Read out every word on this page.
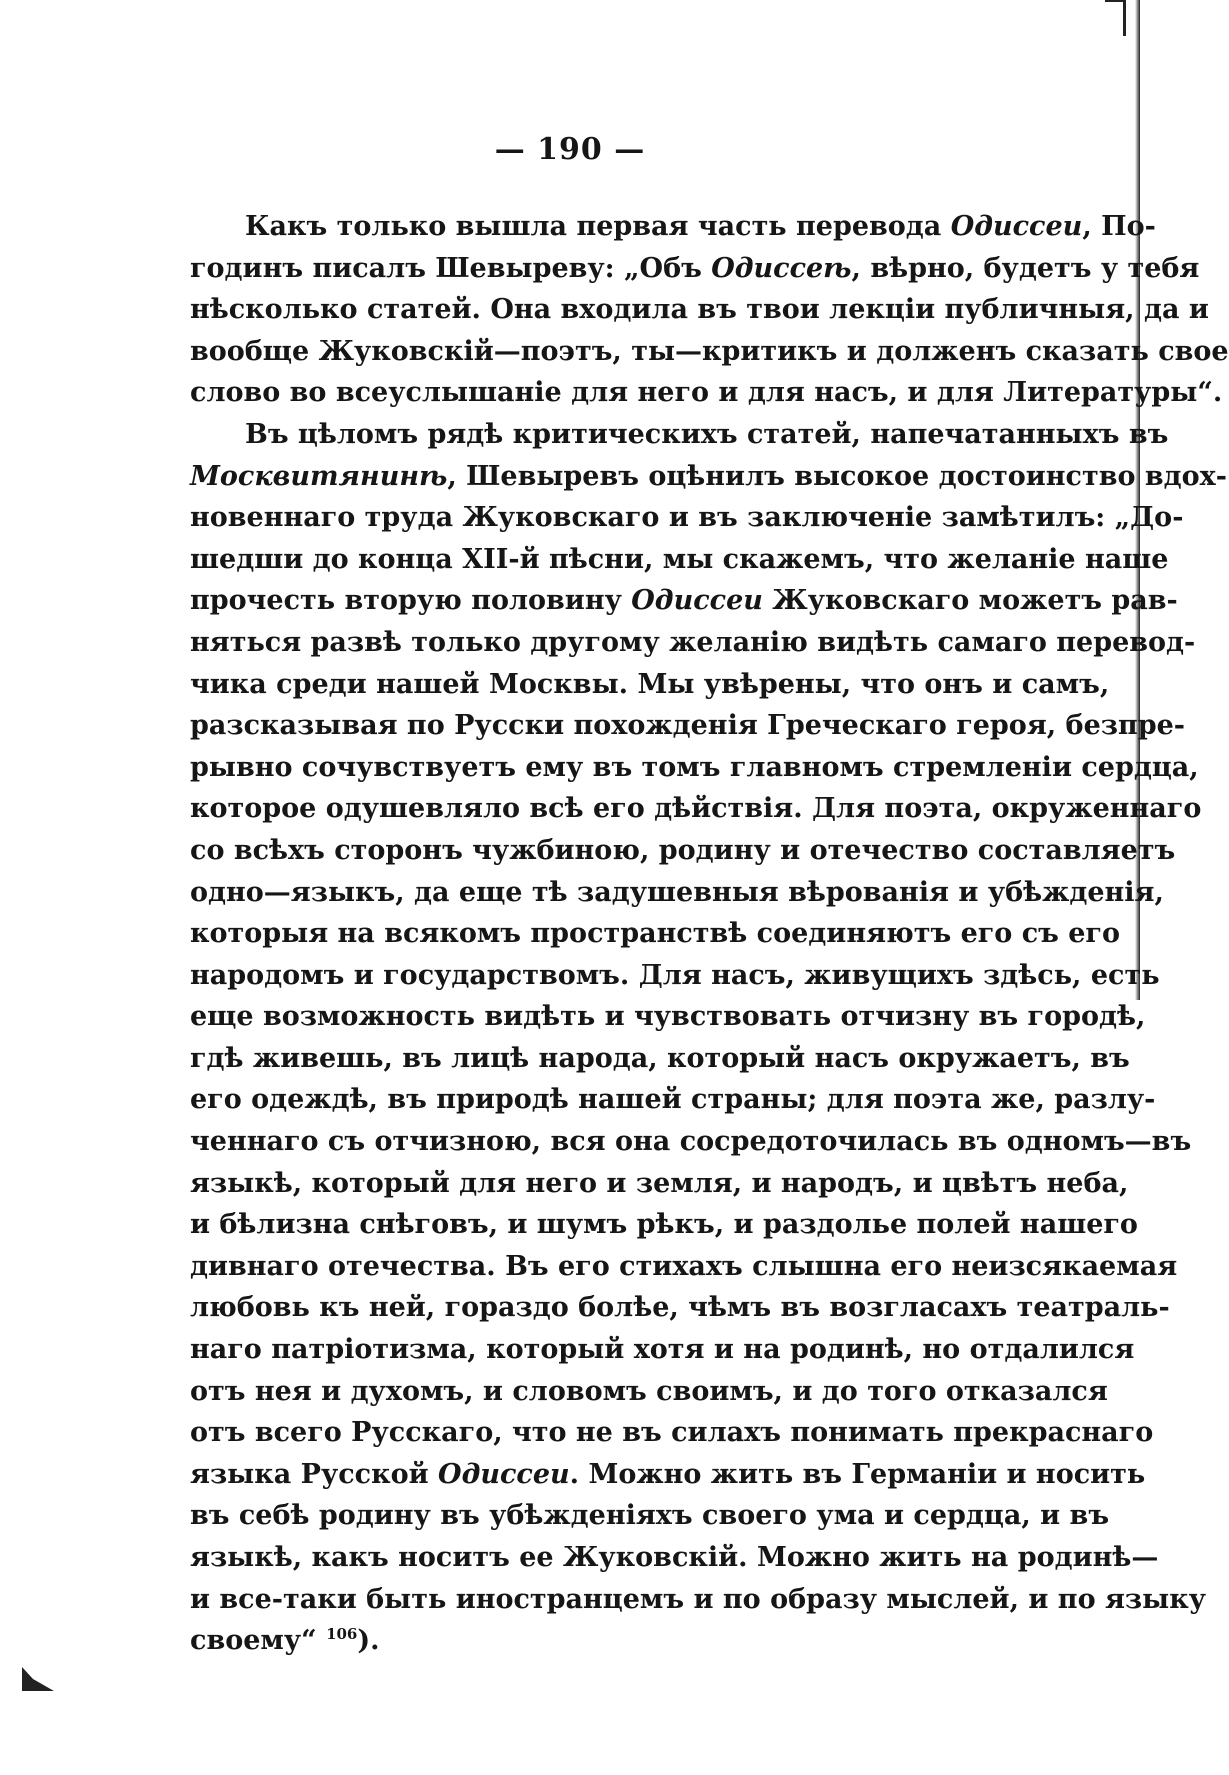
— 190 —
Какъ только вышла первая часть перевода Одиссеи, По-
годинъ писалъ Шевыреву: „Объ Одиссеѣ, вѣрно, будетъ у тебя
нѣсколько статей. Она входила въ твои лекціи публичныя, да и
вообще Жуковскій—поэтъ, ты—критикъ и долженъ сказать свое
слово во всеуслышаніе для него и для насъ, и для Литературы“.
Въ цѣломъ рядѣ критическихъ статей, напечатанныхъ въ
Москвитянинѣ, Шевыревъ оцѣнилъ высокое достоинство вдох-
новеннаго труда Жуковскаго и въ заключеніе замѣтилъ: „До-
шедши до конца XII-й пѣсни, мы скажемъ, что желаніе наше
прочесть вторую половину Одиссеи Жуковскаго можетъ рав-
няться развѣ только другому желанію видѣть самаго перевод-
чика среди нашей Москвы. Мы увѣрены, что онъ и самъ,
разсказывая по Русски похожденія Греческаго героя, безпре-
рывно сочувствуетъ ему въ томъ главномъ стремленіи сердца,
которое одушевляло всѣ его дѣйствія. Для поэта, окруженнаго
со всѣхъ сторонъ чужбиною, родину и отечество составляетъ
одно—языкъ, да еще тѣ задушевныя вѣрованія и убѣжденія,
которыя на всякомъ пространствѣ соединяютъ его съ его
народомъ и государствомъ. Для насъ, живущихъ здѣсь, есть
еще возможность видѣть и чувствовать отчизну въ городѣ,
гдѣ живешь, въ лицѣ народа, который насъ окружаетъ, въ
его одеждѣ, въ природѣ нашей страны; для поэта же, разлу-
ченнаго съ отчизною, вся она сосредоточилась въ одномъ—въ
языкѣ, который для него и земля, и народъ, и цвѣтъ неба,
и бѣлизна снѣговъ, и шумъ рѣкъ, и раздолье полей нашего
дивнаго отечества. Въ его стихахъ слышна его неизсякаемая
любовь къ ней, гораздо болѣе, чѣмъ въ возгласахъ театраль-
наго патріотизма, который хотя и на родинѣ, но отдалился
отъ нея и духомъ, и словомъ своимъ, и до того отказался
отъ всего Русскаго, что не въ силахъ понимать прекраснаго
языка Русской Одиссеи. Можно жить въ Германіи и носить
въ себѣ родину въ убѣжденіяхъ своего ума и сердца, и въ
языкѣ, какъ носитъ ее Жуковскій. Можно жить на родинѣ—
и все-таки быть иностранцемъ и по образу мыслей, и по языку
своему“ $^{106}$).
